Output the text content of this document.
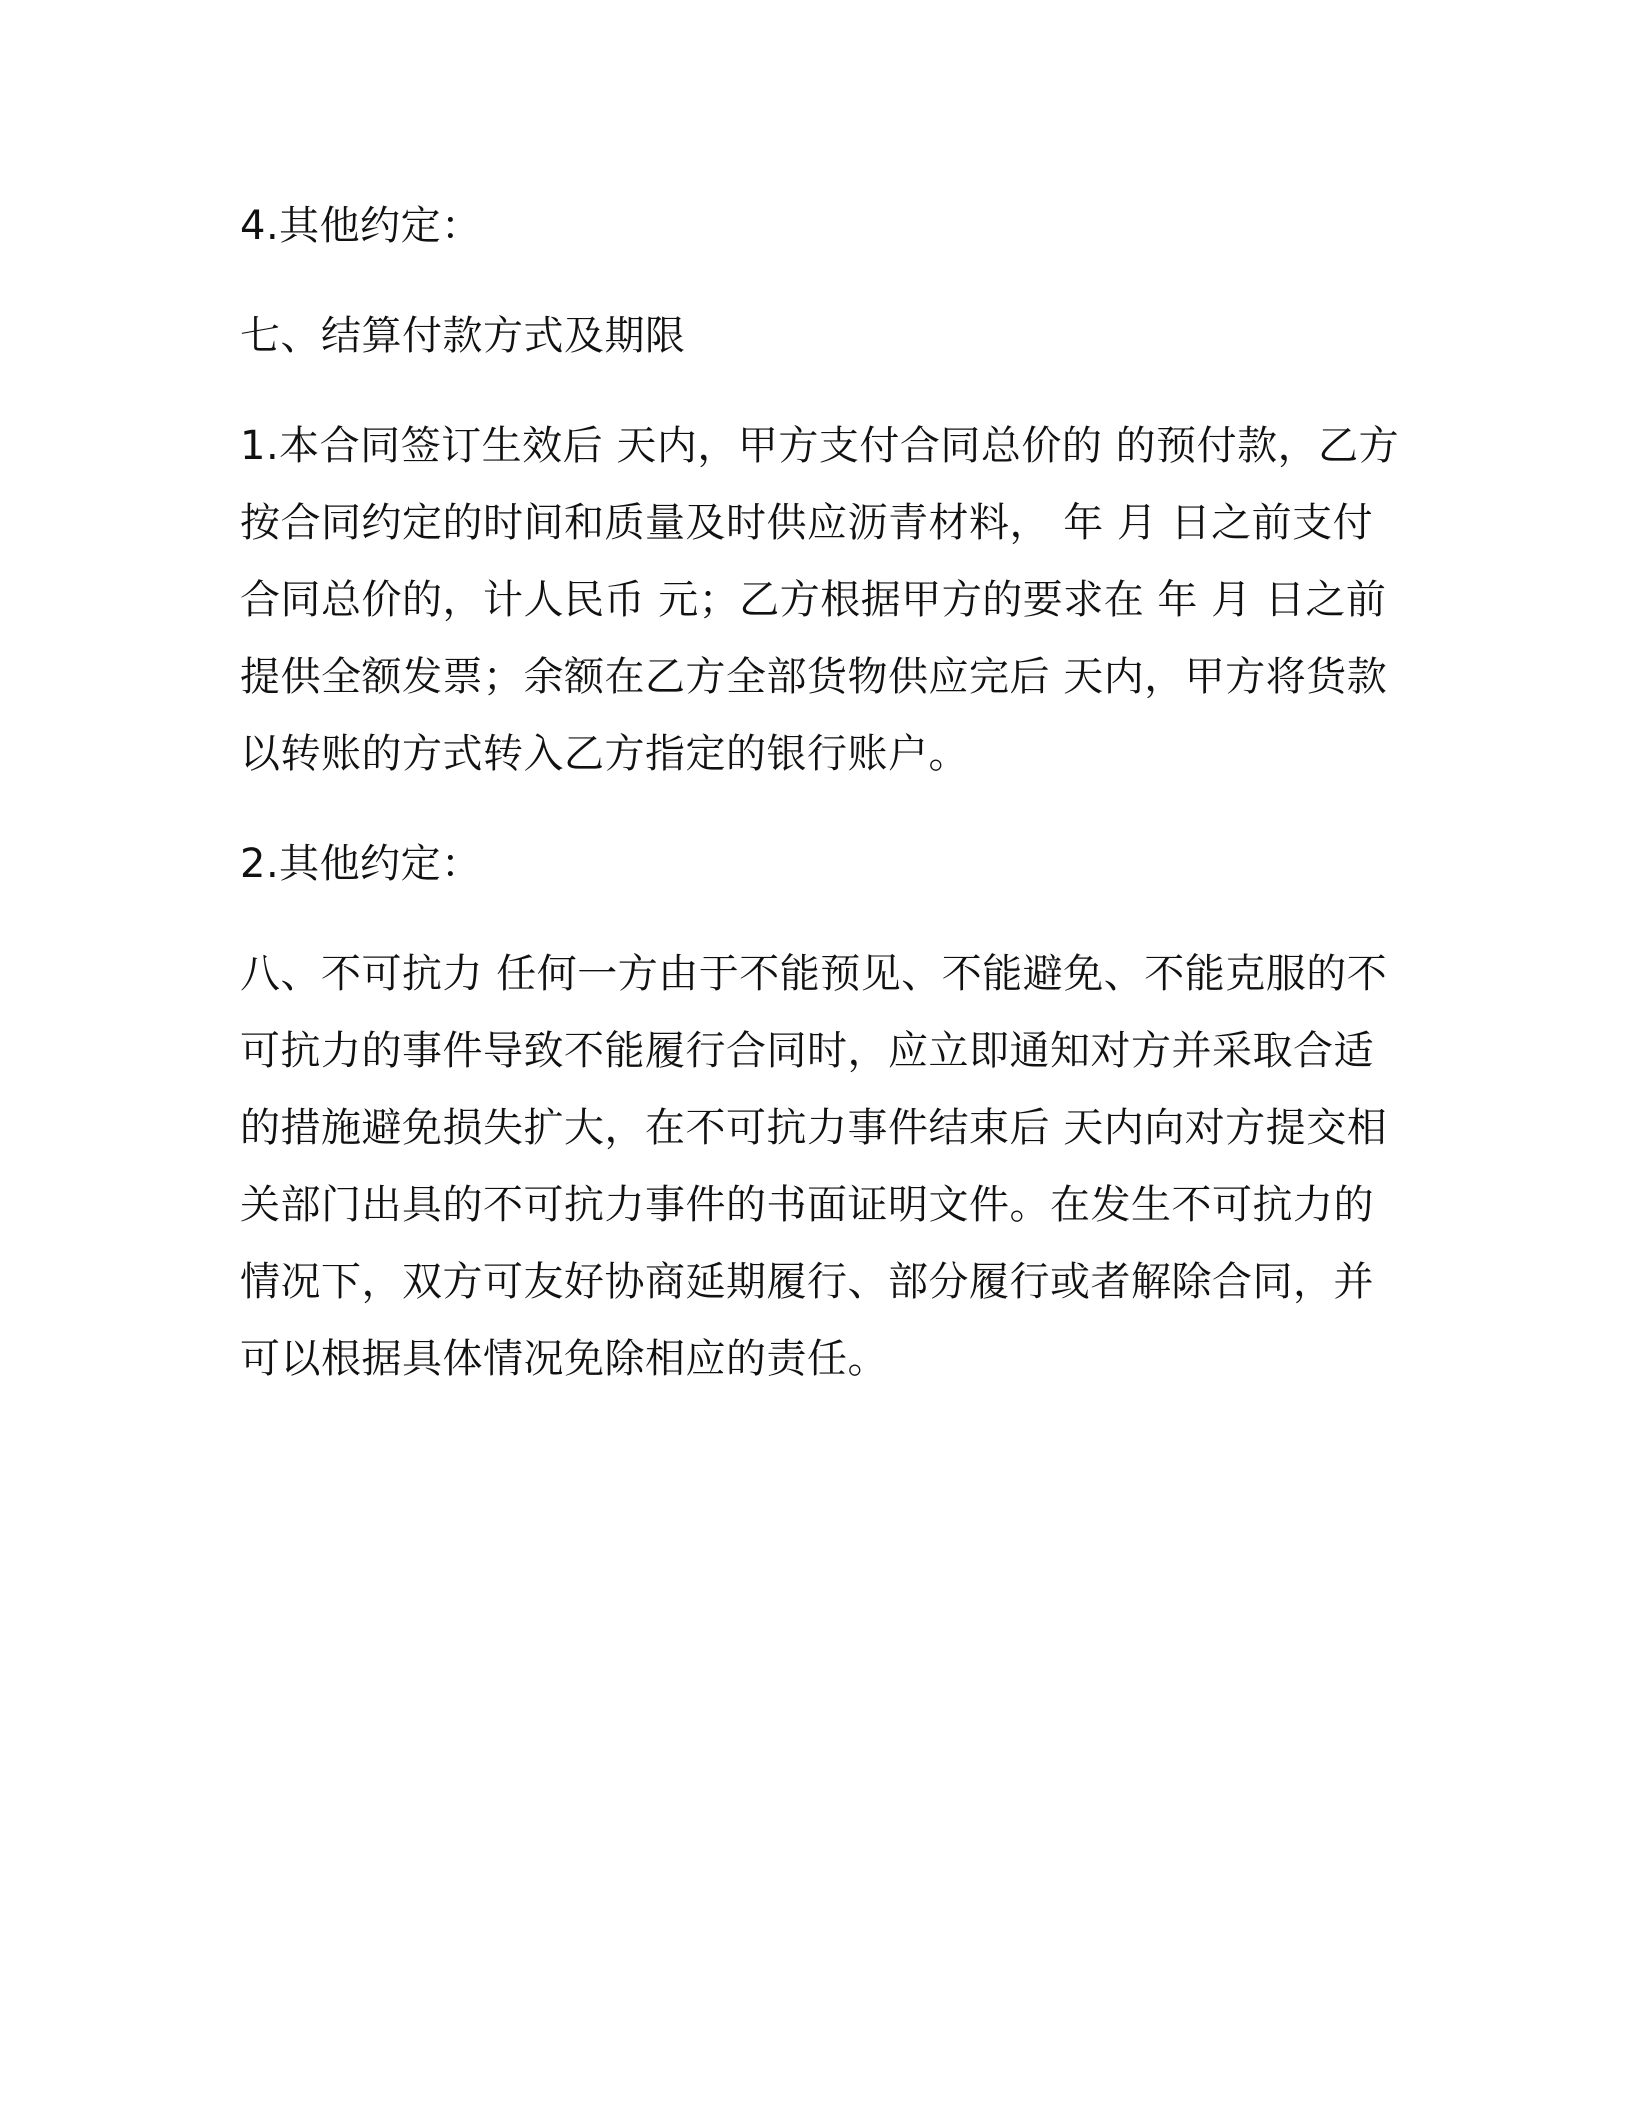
4.其他约定：

七、结算付款方式及期限

1.本合同签订生效后 天内，甲方支付合同总价的 的预付款，乙方按合同约定的时间和质量及时供应沥青材料， 年 月 日之前支付合同总价的，计人民币 元；乙方根据甲方的要求在 年 月 日之前提供全额发票；余额在乙方全部货物供应完后 天内，甲方将货款以转账的方式转入乙方指定的银行账户。

2.其他约定：

八、不可抗力 任何一方由于不能预见、不能避免、不能克服的不可抗力的事件导致不能履行合同时，应立即通知对方并采取合适的措施避免损失扩大，在不可抗力事件结束后 天内向对方提交相关部门出具的不可抗力事件的书面证明文件。在发生不可抗力的情况下，双方可友好协商延期履行、部分履行或者解除合同，并可以根据具体情况免除相应的责任。
